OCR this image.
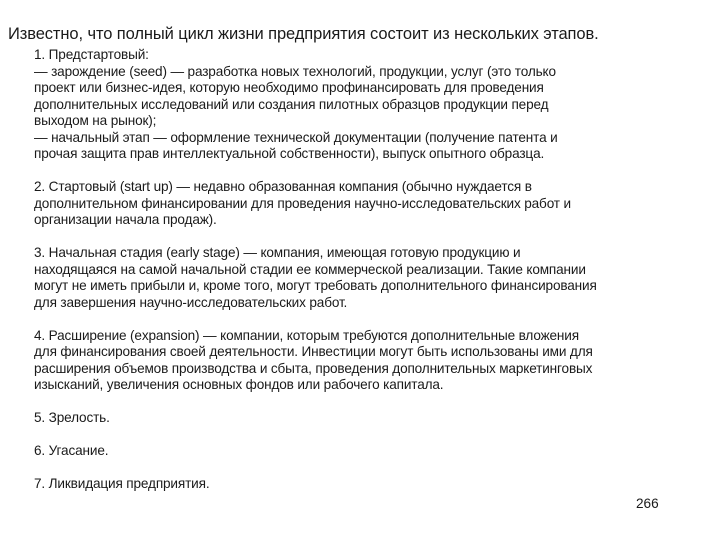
Известно, что полный цикл жизни предприятия состоит из нескольких этапов.
1. Предстартовый:
— зарождение (seed) — разработка новых технологий, продукции, услуг (это только
проект или бизнес-идея, которую необходимо профинансировать для проведения
дополнительных исследований или создания пилотных образцов продукции перед
выходом на рынок);
— начальный этап — оформление технической документации (получение патента и
прочая защита прав интеллектуальной собственности), выпуск опытного образца.
2. Стартовый (start up) — недавно образованная компания (обычно нуждается в
дополнительном финансировании для проведения научно-исследовательских работ и
организации начала продаж).
3. Начальная стадия (early stage) — компания, имеющая готовую продукцию и
находящаяся на самой начальной стадии ее коммерческой реализации. Такие компании
могут не иметь прибыли и, кроме того, могут требовать дополнительного финансирования
для завершения научно-исследовательских работ.
4. Расширение (expansion) — компании, которым требуются дополнительные вложения
для финансирования своей деятельности. Инвестиции могут быть использованы ими для
расширения объемов производства и сбыта, проведения дополнительных маркетинговых
изысканий, увеличения основных фондов или рабочего капитала.
5. Зрелость.
6. Угасание.
7. Ликвидация предприятия.
266
